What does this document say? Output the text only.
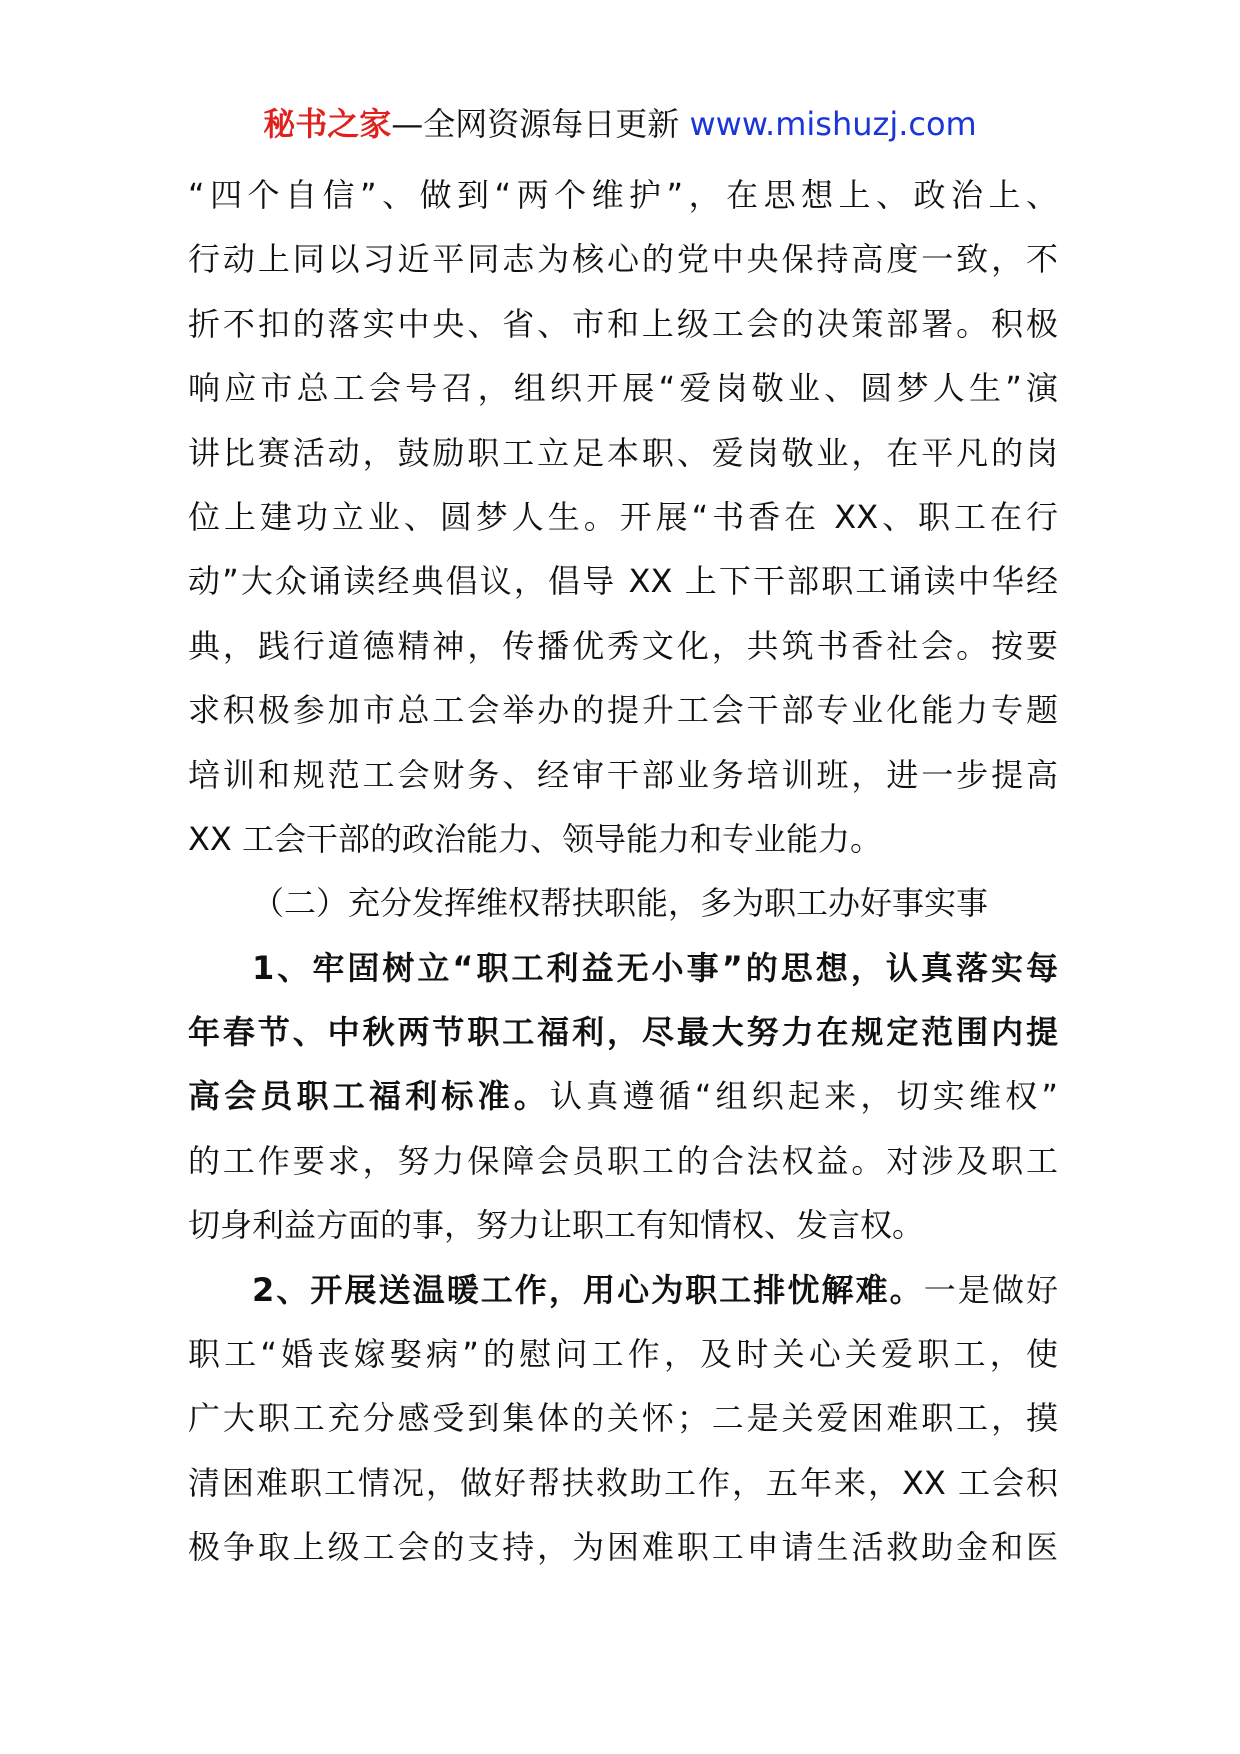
秘书之家—全网资源每日更新 www.mishuzj.com
“四个自信”、做到“两个维护”，在思想上、政治上、
行动上同以习近平同志为核心的党中央保持高度一致，不
折不扣的落实中央、省、市和上级工会的决策部署。积极
响应市总工会号召，组织开展“爱岗敬业、圆梦人生”演
讲比赛活动，鼓励职工立足本职、爱岗敬业，在平凡的岗
位上建功立业、圆梦人生。开展“书香在 XX、职工在行
动”大众诵读经典倡议，倡导 XX 上下干部职工诵读中华经
典，践行道德精神，传播优秀文化，共筑书香社会。按要
求积极参加市总工会举办的提升工会干部专业化能力专题
培训和规范工会财务、经审干部业务培训班，进一步提高
XX 工会干部的政治能力、领导能力和专业能力。
（二）充分发挥维权帮扶职能，多为职工办好事实事
1、牢固树立“职工利益无小事”的思想，认真落实每
年春节、中秋两节职工福利，尽最大努力在规定范围内提
高会员职工福利标准。认真遵循“组织起来，切实维权”
的工作要求，努力保障会员职工的合法权益。对涉及职工
切身利益方面的事，努力让职工有知情权、发言权。
2、开展送温暖工作，用心为职工排忧解难。一是做好
职工“婚丧嫁娶病”的慰问工作，及时关心关爱职工，使
广大职工充分感受到集体的关怀；二是关爱困难职工，摸
清困难职工情况，做好帮扶救助工作，五年来，XX 工会积
极争取上级工会的支持，为困难职工申请生活救助金和医
